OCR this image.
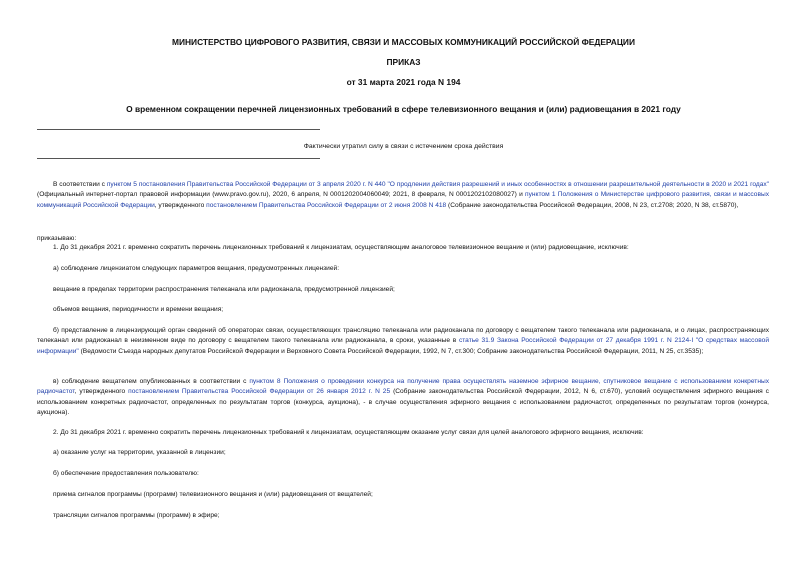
МИНИСТЕРСТВО ЦИФРОВОГО РАЗВИТИЯ, СВЯЗИ И МАССОВЫХ КОММУНИКАЦИЙ РОССИЙСКОЙ ФЕДЕРАЦИИ
ПРИКАЗ
от 31 марта 2021 года N 194
О временном сокращении перечней лицензионных требований в сфере телевизионного вещания и (или) радиовещания в 2021 году
Фактически утратил силу в связи с истечением срока действия
В соответствии с пунктом 5 постановления Правительства Российской Федерации от 3 апреля 2020 г. N 440 "О продлении действия разрешений и иных особенностях в отношении разрешительной деятельности в 2020 и 2021 годах" (Официальный интернет-портал правовой информации (www.pravo.gov.ru), 2020, 6 апреля, N 0001202004060049; 2021, 8 февраля, N 0001202102080027) и пунктом 1 Положения о Министерстве цифрового развития, связи и массовых коммуникаций Российской Федерации, утвержденного постановлением Правительства Российской Федерации от 2 июня 2008 N 418 (Собрание законодательства Российской Федерации, 2008, N 23, ст.2708; 2020, N 38, ст.5870),
приказываю:
1. До 31 декабря 2021 г. временно сократить перечень лицензионных требований к лицензиатам, осуществляющим аналоговое телевизионное вещание и (или) радиовещание, исключив:
а) соблюдение лицензиатом следующих параметров вещания, предусмотренных лицензией:
вещание в пределах территории распространения телеканала или радиоканала, предусмотренной лицензией;
объемов вещания, периодичности и времени вещания;
б) представление в лицензирующий орган сведений об операторах связи, осуществляющих трансляцию телеканала или радиоканала по договору с вещателем такого телеканала или радиоканала, и о лицах, распространяющих телеканал или радиоканал в неизменном виде по договору с вещателем такого телеканала или радиоканала, в сроки, указанные в статье 31.9 Закона Российской Федерации от 27 декабря 1991 г. N 2124-I "О средствах массовой информации" (Ведомости Съезда народных депутатов Российской Федерации и Верховного Совета Российской Федерации, 1992, N 7, ст.300; Собрание законодательства Российской Федерации, 2011, N 25, ст.3535);
в) соблюдение вещателем опубликованных в соответствии с пунктом 8 Положения о проведении конкурса на получение права осуществлять наземное эфирное вещание, спутниковое вещание с использованием конкретных радиочастот, утвержденного постановлением Правительства Российской Федерации от 26 января 2012 г. N 25 (Собрание законодательства Российской Федерации, 2012, N 6, ст.670), условий осуществления эфирного вещания с использованием конкретных радиочастот, определенных по результатам торгов (конкурса, аукциона), - в случае осуществления эфирного вещания с использованием радиочастот, определенных по результатам торгов (конкурса, аукциона).
2. До 31 декабря 2021 г. временно сократить перечень лицензионных требований к лицензиатам, осуществляющим оказание услуг связи для целей аналогового эфирного вещания, исключив:
а) оказание услуг на территории, указанной в лицензии;
б) обеспечение предоставления пользователю:
приема сигналов программы (программ) телевизионного вещания и (или) радиовещания от вещателей;
трансляции сигналов программы (программ) в эфире;
